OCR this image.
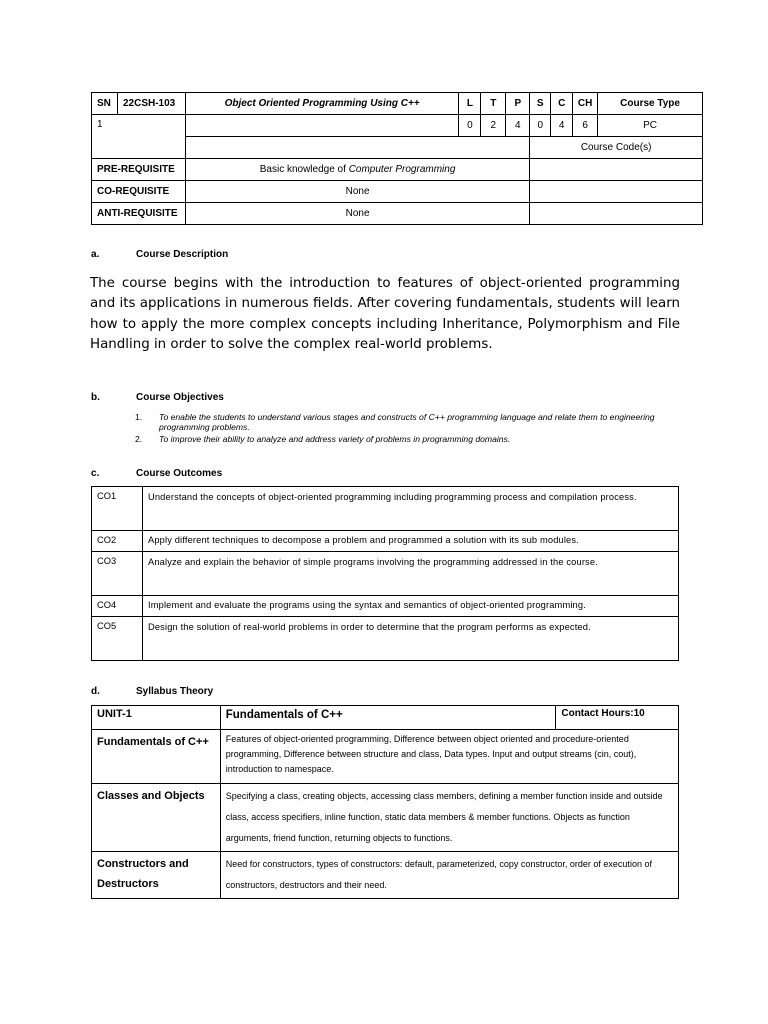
SN	22CSH-103	Object Oriented Programming Using C++	L	T	P	S	C	CH	Course Type
1			0	2	4	0	4	6	PC
						Course Code(s)			
PRE-REQUISITE		Basic knowledge of Computer Programming							
CO-REQUISITE		None							
ANTI-REQUISITE		None							
a.	Course Description
The course begins with the introduction to features of object-oriented programming and its applications in numerous fields. After covering fundamentals, students will learn how to apply the more complex concepts including Inheritance, Polymorphism and File Handling in order to solve the complex real-world problems.
b.	Course Objectives
1.	To enable the students to understand various stages and constructs of C++ programming language and relate them to engineering programming problems.
2.	To improve their ability to analyze and address variety of problems in programming domains.
c.	Course Outcomes
CO1	Understand the concepts of object-oriented programming including programming process and compilation process.
CO2	Apply different techniques to decompose a problem and programmed a solution with its sub modules.
CO3	Analyze and explain the behavior of simple programs involving the programming addressed in the course.
CO4	Implement and evaluate the programs using the syntax and semantics of object-oriented programming.
CO5	Design the solution of real-world problems in order to determine that the program performs as expected.
d.	Syllabus Theory
UNIT-1	Fundamentals of C++	Contact Hours:10
Fundamentals of C++	Features of object-oriented programming, Difference between object oriented and procedure-oriented programming, Difference between structure and class, Data types. Input and output streams (cin, cout), introduction to namespace.	
Classes and Objects	Specifying a class, creating objects, accessing class members, defining a member function inside and outside class, access specifiers, inline function, static data members & member functions. Objects as function arguments, friend function, returning objects to functions.	
Constructors and Destructors	Need for constructors, types of constructors: default, parameterized, copy constructor, order of execution of constructors, destructors and their need.	
